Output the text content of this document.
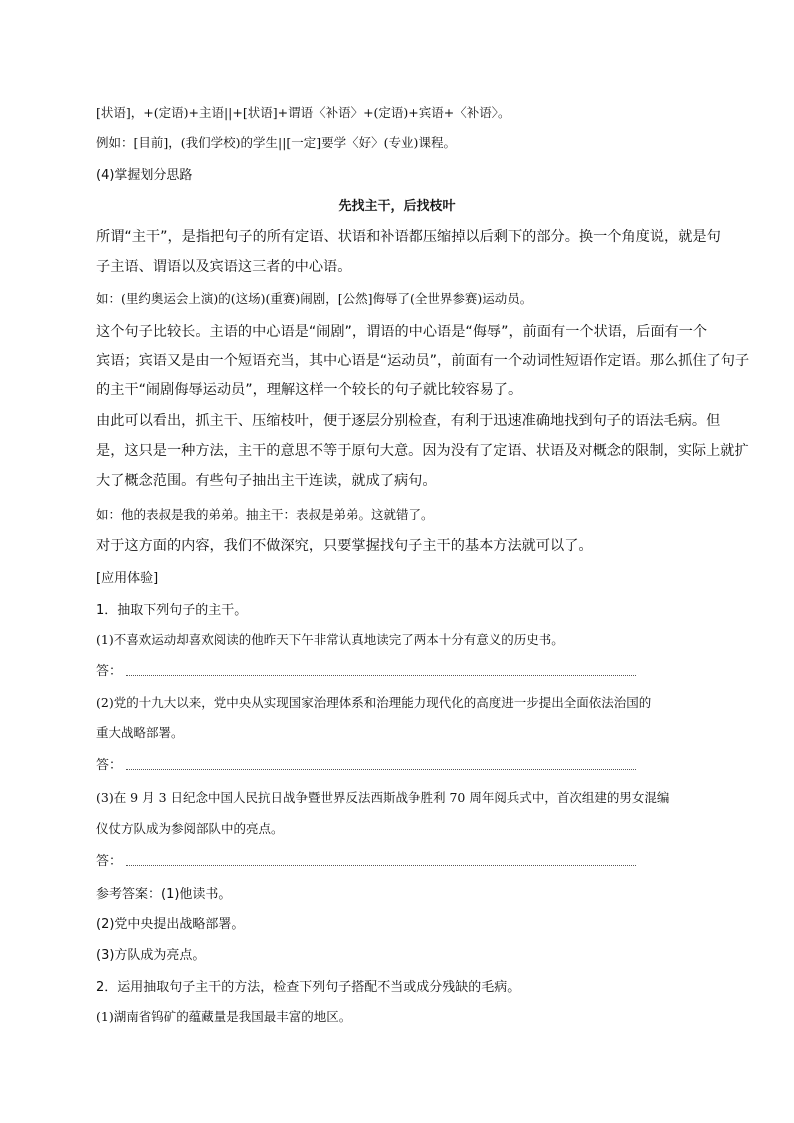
[状语]，+(定语)+主语||+[状语]+谓语〈补语〉+(定语)+宾语+〈补语〉。
例如：[目前]，(我们学校)的学生||[一定]要学〈好〉(专业)课程。
(4)掌握划分思路
先找主干，后找枝叶
所谓“主干”，是指把句子的所有定语、状语和补语都压缩掉以后剩下的部分。换一个角度说，就是句
子主语、谓语以及宾语这三者的中心语。
如：(里约奥运会上演)的(这场)(重赛)闹剧，[公然]侮辱了(全世界参赛)运动员。
这个句子比较长。主语的中心语是“闹剧”，谓语的中心语是“侮辱”，前面有一个状语，后面有一个
宾语；宾语又是由一个短语充当，其中心语是“运动员”，前面有一个动词性短语作定语。那么抓住了句子
的主干“闹剧侮辱运动员”，理解这样一个较长的句子就比较容易了。
由此可以看出，抓主干、压缩枝叶，便于逐层分别检查，有利于迅速准确地找到句子的语法毛病。但
是，这只是一种方法，主干的意思不等于原句大意。因为没有了定语、状语及对概念的限制，实际上就扩
大了概念范围。有些句子抽出主干连读，就成了病句。
如：他的表叔是我的弟弟。抽主干：表叔是弟弟。这就错了。
对于这方面的内容，我们不做深究，只要掌握找句子主干的基本方法就可以了。
[应用体验]
1．抽取下列句子的主干。
(1)不喜欢运动却喜欢阅读的他昨天下午非常认真地读完了两本十分有意义的历史书。
答：
(2)党的十九大以来，党中央从实现国家治理体系和治理能力现代化的高度进一步提出全面依法治国的
重大战略部署。
答：
(3)在 9 月 3 日纪念中国人民抗日战争暨世界反法西斯战争胜利 70 周年阅兵式中，首次组建的男女混编
仪仗方队成为参阅部队中的亮点。
答：
参考答案：(1)他读书。
(2)党中央提出战略部署。
(3)方队成为亮点。
2．运用抽取句子主干的方法，检查下列句子搭配不当或成分残缺的毛病。
(1)湖南省钨矿的蕴藏量是我国最丰富的地区。
